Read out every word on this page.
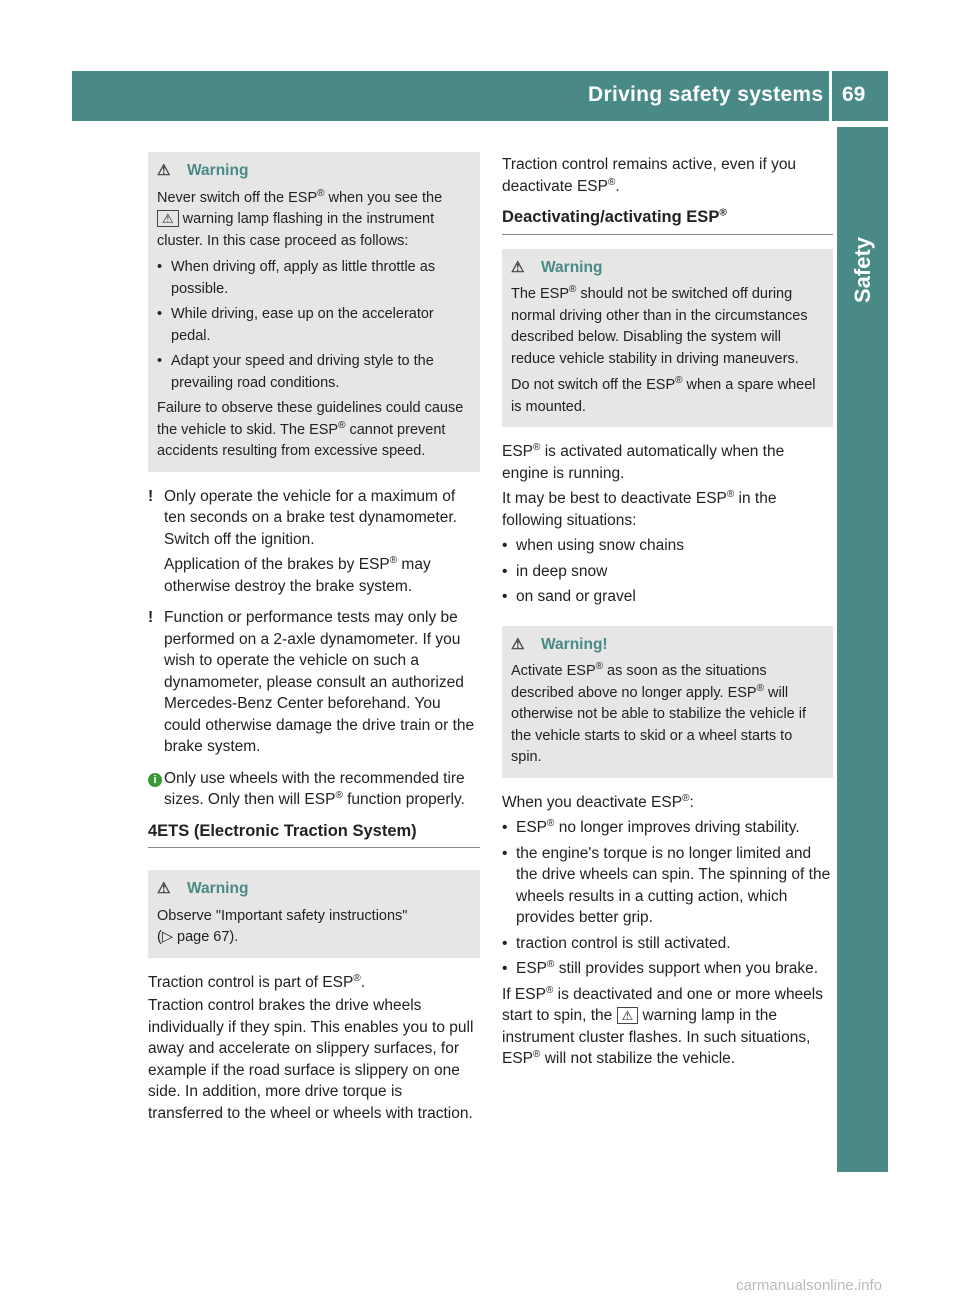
Driving safety systems 69
Safety
⚠	Warning

Never switch off the ESP® when you see the
⚠ warning lamp flashing in the instrument cluster. In this case proceed as follows:

• When driving off, apply as little throttle as possible.
• While driving, ease up on the accelerator pedal.
• Adapt your speed and driving style to the prevailing road conditions.

Failure to observe these guidelines could cause the vehicle to skid. The ESP® cannot prevent accidents resulting from excessive speed.

! Only operate the vehicle for a maximum of ten seconds on a brake test dynamometer. Switch off the ignition.
Application of the brakes by ESP® may otherwise destroy the brake system.
! Function or performance tests may only be performed on a 2-axle dynamometer. If you wish to operate the vehicle on such a dynamometer, please consult an authorized Mercedes-Benz Center beforehand. You could otherwise damage the drive train or the brake system.
i Only use wheels with the recommended tire sizes. Only then will ESP® function properly.
4ETS (Electronic Traction System)
⚠	Warning

Observe "Important safety instructions"
(▷ page 67).

Traction control is part of ESP®.

Traction control brakes the drive wheels individually if they spin. This enables you to pull away and accelerate on slippery surfaces, for example if the road surface is slippery on one side. In addition, more drive torque is transferred to the wheel or wheels with traction.

Traction control remains active, even if you deactivate ESP®.

Deactivating/activating ESP®
⚠	Warning

The ESP® should not be switched off during normal driving other than in the circumstances described below. Disabling the system will reduce vehicle stability in driving maneuvers.

Do not switch off the ESP® when a spare wheel is mounted.

ESP® is activated automatically when the engine is running.

It may be best to deactivate ESP® in the following situations:

• when using snow chains
• in deep snow
• on sand or gravel
⚠	Warning!

Activate ESP® as soon as the situations described above no longer apply. ESP® will otherwise not be able to stabilize the vehicle if the vehicle starts to skid or a wheel starts to spin.

When you deactivate ESP®:

• ESP® no longer improves driving stability.
• the engine's torque is no longer limited and the drive wheels can spin. The spinning of the wheels results in a cutting action, which provides better grip.
• traction control is still activated.
• ESP® still provides support when you brake.

If ESP® is deactivated and one or more wheels start to spin, the ⚠ warning lamp in the instrument cluster flashes. In such situations, ESP® will not stabilize the vehicle.

carmanualsonline.info
